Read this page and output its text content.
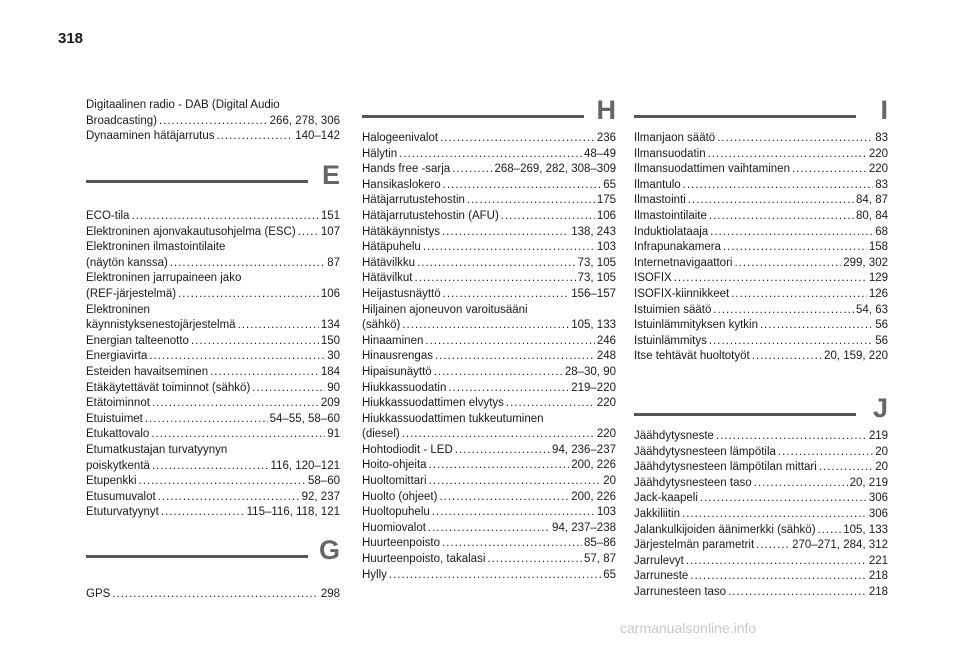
318
Digitaalinen radio - DAB (Digital Audio
Broadcasting) .....	266, 278, 306
Dynaaminen hätäjarrutus .....	140–142
E
ECO-tila .....	151
Elektroninen ajonvakautusohjelma (ESC) ..... 107
Elektroninen ilmastointilaite
(näytön kanssa) .....	87
Elektroninen jarrupaineen jako
(REF-järjestelmä) .....	106
Elektroninen
käynnistyksenestojärjestelmä .....	134
Energian talteenotto .....	150
Energiavirta .....	30
Esteiden havaitseminen .....	184
Etäkäytettävät toiminnot (sähkö) .....	90
Etätoiminnot .....	209
Etuistuimet .....	54–55, 58–60
Etukattovalo .....	91
Etumatkustajan turvatyynyn
poiskytkentä .....	116, 120–121
Etupenkki .....	58–60
Etusumuvalot .....	92, 237
Etuturvatyynyt .....	115–116, 118, 121
G
GPS .....	298
H
Halogeenivalot .....	236
Hälytin .....	48–49
Hands free -sarja .....	268–269, 282, 308–309
Hansikaslokero .....	65
Hätäjarrutustehostin .....	175
Hätäjarrutustehostin (AFU) .....	106
Hätäkäynnistys .....	138, 243
Hätäpuhelu .....	103
Hätävilkku .....	73, 105
Hätävilkut .....	73, 105
Heijastusnäyttö .....	156–157
Hiljainen ajoneuvon varoitusääni
(sähkö) .....	105, 133
Hinaaminen .....	246
Hinausrengas .....	248
Hipaisunäyttö .....	28–30, 90
Hiukkassuodatin .....	219–220
Hiukkassuodattimen elvytys .....	220
Hiukkassuodattimen tukkeutuminen
(diesel) .....	220
Hohtodiodit - LED .....	94, 236–237
Hoito-ohjeita .....	200, 226
Huoltomittari .....	20
Huolto (ohjeet) .....	200, 226
Huoltopuhelu .....	103
Huomiovalot .....	94, 237–238
Huurteenpoisto .....	85–86
Huurteenpoisto, takalasi .....	57, 87
Hylly .....	65
I
Ilmanjaon säätö .....	83
Ilmansuodatin .....	220
Ilmansuodattimen vaihtaminen .....	220
Ilmantulo .....	83
Ilmastointi .....	84, 87
Ilmastointilaite .....	80, 84
Induktiolataaja .....	68
Infrapunakamera .....	158
Internetnavigaattori .....	299, 302
ISOFIX .....	129
ISOFIX-kiinnikkeet .....	126
Istuimien säätö .....	54, 63
Istuinlämmityksen kytkin .....	56
Istuinlämmitys .....	56
Itse tehtävät huoltotyöt .....	20, 159, 220
J
Jäähdytysneste .....	219
Jäähdytysnesteen lämpötila .....	20
Jäähdytysnesteen lämpötilan mittari .....	20
Jäähdytysnesteen taso .....	20, 219
Jack-kaapeli .....	306
Jakkiliitin .....	306
Jalankulkijoiden äänimerkki (sähkö) ..... 105, 133
Järjestelmän parametrit .....	270–271, 284, 312
Jarrulevyt .....	221
Jarruneste .....	218
Jarrunesteen taso .....	218
carmanualsonline.info
